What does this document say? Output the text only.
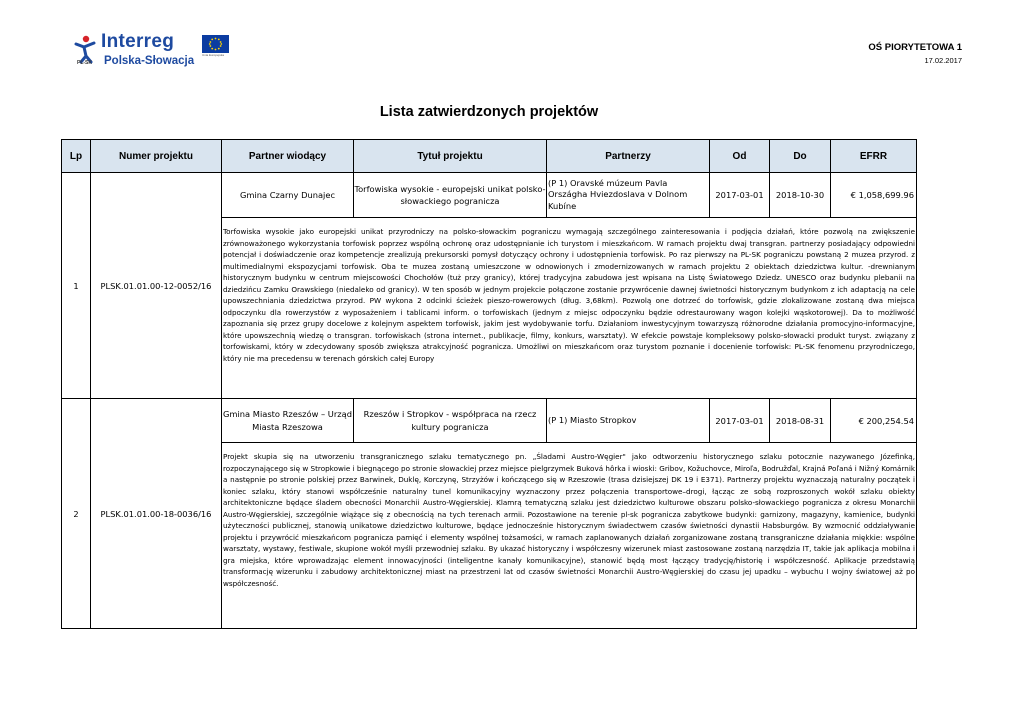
PL-SK
Interreg
Unia Europejska
Polska-Słowacja
OŚ PIORYTETOWA 1
17.02.2017
Lista zatwierdzonych projektów
Lp	Numer projektu	Partner wiodący	Tytuł projektu	Partnerzy	Od	Do	EFRR
1	PLSK.01.01.00-12-0052/16	Gmina Czarny Dunajec	Torfowiska wysokie - europejski unikat polsko-słowackiego pogranicza	(P 1) Oravské múzeum Pavla Országha Hviezdoslava v Dolnom Kubíne	2017-03-01	2018-10-30	€ 1,058,699.96
		Torfowiska wysokie jako europejski unikat przyrodniczy na polsko-słowackim pograniczu wymagają szczególnego zainteresowania i podjęcia działań, które pozwolą na zwiększenie zrównoważonego wykorzystania torfowisk poprzez wspólną ochronę oraz udostępnianie ich turystom i mieszkańcom. W ramach projektu dwaj transgran. partnerzy posiadający odpowiedni potencjał i doświadczenie oraz kompetencje zrealizują prekursorski pomysł dotyczący ochrony i udostępnienia torfowisk. Po raz pierwszy na PL-SK pograniczu powstaną 2 muzea przyrod. z multimedialnymi ekspozycjami torfowisk. Oba te muzea zostaną umieszczone w odnowionych i zmodernizowanych w ramach projektu 2 obiektach dziedzictwa kultur. -drewnianym historycznym budynku w centrum miejscowości Chochołów (tuż przy granicy), której tradycyjna zabudowa jest wpisana na Listę Światowego Dziedz. UNESCO oraz budynku plebanii na dziedzińcu Zamku Orawskiego (niedaleko od granicy). W ten sposób w jednym projekcie połączone zostanie przywrócenie dawnej świetności historycznym budynkom z ich adaptacją na cele upowszechniania dziedzictwa przyrod. PW wykona 2 odcinki ścieżek pieszo-rowerowych (dług. 3,68km). Pozwolą one dotrzeć do torfowisk, gdzie zlokalizowane zostaną dwa miejsca odpoczynku dla rowerzystów z wyposażeniem i tablicami inform. o torfowiskach (jednym z miejsc odpoczynku będzie odrestaurowany wagon kolejki wąskotorowej). Da to możliwość zapoznania się przez grupy docelowe z kolejnym aspektem torfowisk, jakim jest wydobywanie torfu. Działaniom inwestycyjnym towarzyszą różnorodne działania promocyjno-informacyjne, które upowszechnią wiedzę o transgran. torfowiskach (strona internet., publikacje, filmy, konkurs, warsztaty). W efekcie powstaje kompleksowy polsko-słowacki produkt turyst. związany z torfowiskami, który w zdecydowany sposób zwiększa atrakcyjność pogranicza. Umożliwi on mieszkańcom oraz turystom poznanie i docenienie torfowisk: PL-SK fenomenu przyrodniczego, który nie ma precedensu w terenach górskich całej Europy					
2	PLSK.01.01.00-18-0036/16	Gmina Miasto Rzeszów – Urząd Miasta Rzeszowa	Rzeszów i Stropkov - współpraca na rzecz kultury pogranicza	(P 1) Miasto Stropkov	2017-03-01	2018-08-31	€ 200,254.54
		Projekt skupia się na utworzeniu transgranicznego szlaku tematycznego pn. „Śladami Austro-Węgier" jako odtworzeniu historycznego szlaku potocznie nazywanego Józefinką, rozpoczynającego się w Stropkowie i biegnącego po stronie słowackiej przez miejsce pielgrzymek Buková hôrka i wioski: Gribov, Kožuchovce, Miroľa, Bodružďal, Krajná Poľaná i Nižný Komárnik a następnie po stronie polskiej przez Barwinek, Duklę, Korczynę, Strzyżów i kończącego się w Rzeszowie (trasa dzisiejszej DK 19 i E371). Partnerzy projektu wyznaczają naturalny początek i koniec szlaku, który stanowi współcześnie naturalny tunel komunikacyjny wyznaczony przez połączenia transportowe–drogi, łącząc ze sobą rozproszonych wokół szlaku obiekty architektoniczne będące śladem obecności Monarchii Austro-Węgierskiej. Klamrą tematyczną szlaku jest dziedzictwo kulturowe obszaru polsko-słowackiego pogranicza z okresu Monarchii Austro-Węgierskiej, szczególnie wiążące się z obecnością na tych terenach armii. Pozostawione na terenie pl-sk pogranicza zabytkowe budynki: garnizony, magazyny, kamienice, budynki użyteczności publicznej, stanowią unikatowe dziedzictwo kulturowe, będące jednocześnie historycznym świadectwem czasów świetności dynastii Habsburgów. By wzmocnić oddziaływanie projektu i przywrócić mieszkańcom pogranicza pamięć i elementy wspólnej tożsamości, w ramach zaplanowanych działań zorganizowane zostaną transgraniczne działania miękkie: wspólne warsztaty, wystawy, festiwale, skupione wokół myśli przewodniej szlaku. By ukazać historyczny i współczesny wizerunek miast zastosowane zostaną narzędzia IT, takie jak aplikacja mobilna i gra miejska, które wprowadzając element innowacyjności (inteligentne kanały komunikacyjne), stanowić będą most łączący tradycję/historię i współczesność. Aplikacje przedstawią transformację wizerunku i zabudowy architektonicznej miast na przestrzeni lat od czasów świetności Monarchii Austro-Węgierskiej do czasu jej upadku – wybuchu I wojny światowej aż po współczesność.					
